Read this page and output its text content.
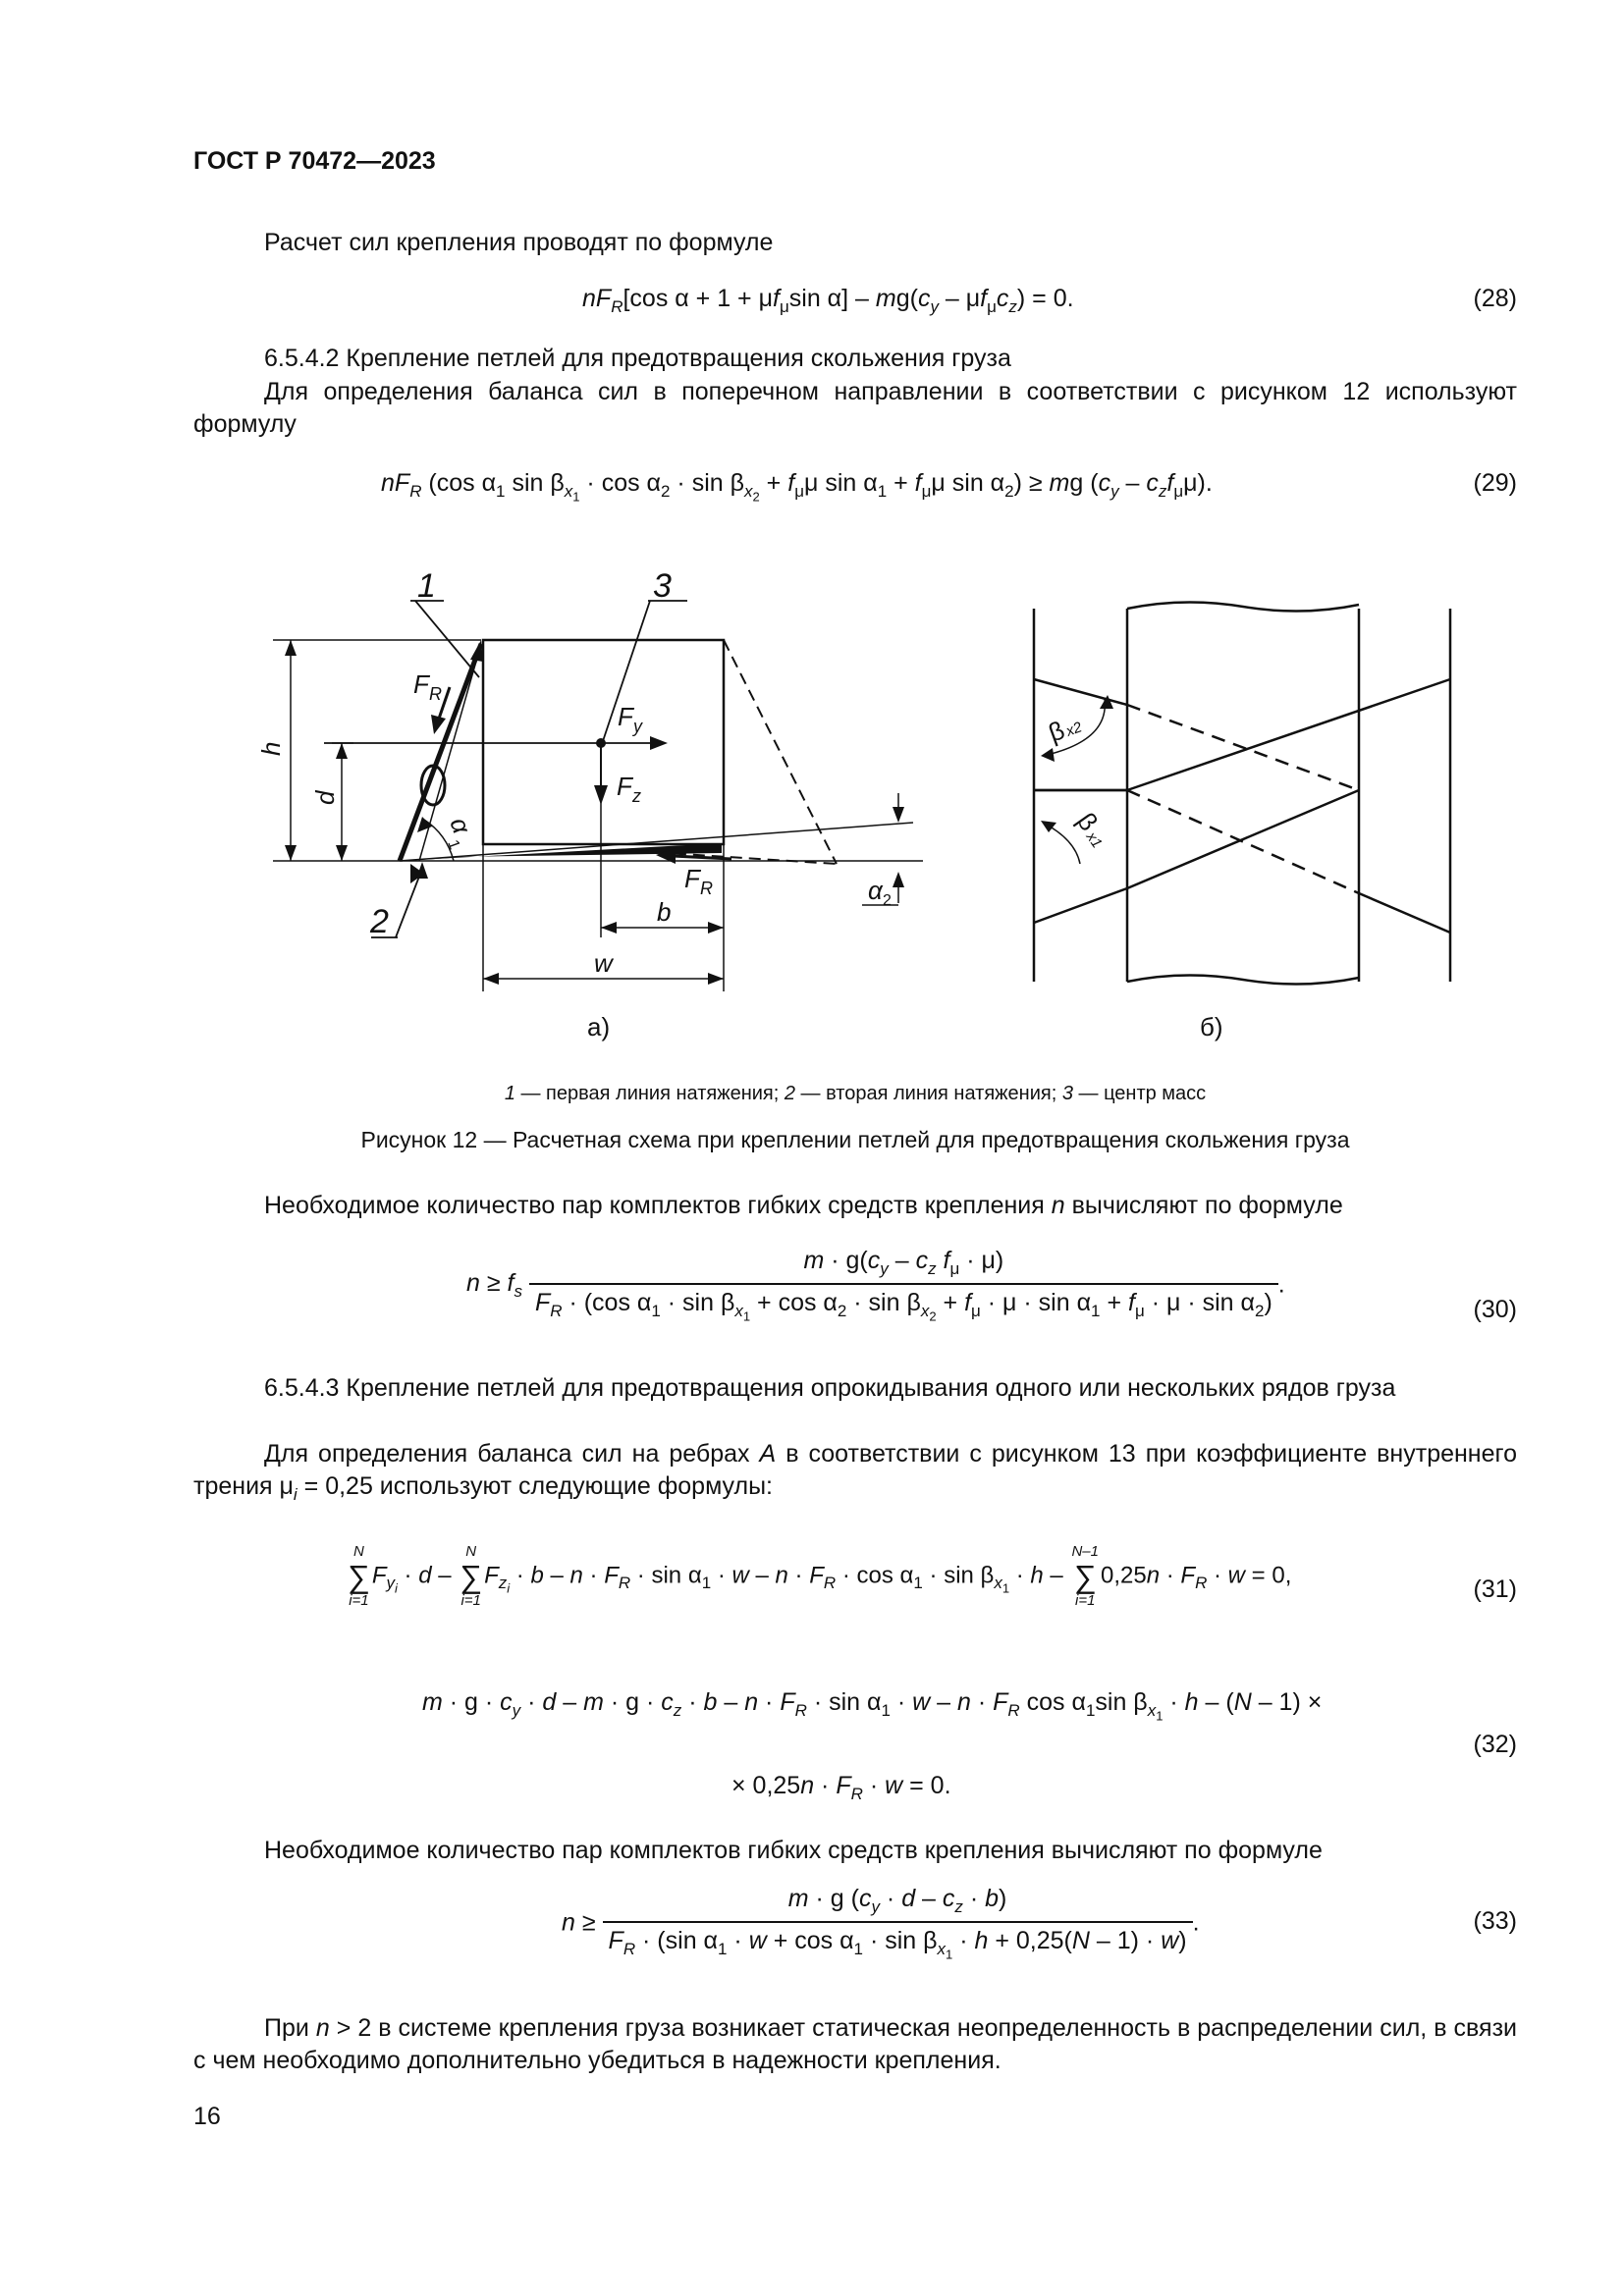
ГОСТ Р 70472—2023
Расчет сил крепления проводят по формуле
$nF_R[\cos$ $\alpha + 1 + \mu f_\mu\sin$ $\alpha] - mg(c_y - \mu f_\mu c_z) = 0$.	(28)
6.5.4.2 Крепление петлей для предотвращения скольжения груза
Для определения баланса сил в поперечном направлении в соответствии с рисунком 12 используют формулу
$nF_R$ (cos $\alpha_1$ $\sin \beta_{x_1} \cdot \cos \alpha_2 \cdot \sin \beta_{x_2} + f_\mu\mu$ $\sin \alpha_1 + f_\mu\mu$ $\sin \alpha_2$) ≥ mg $(c_y - c_zf_\mu\mu)$.	(29)
1	3
2
F R
F y
F z
F R
h
d
b
w
α
1
α 2
β
x2
β
x1
а)	б)
1 — первая линия натяжения; 2 — вторая линия натяжения; 3 — центр масс
Рисунок 12 — Расчетная схема при креплении петлей для предотвращения скольжения груза
Необходимое количество пар комплектов гибких средств крепления n вычисляют по формуле
$n \ge f_s$
$m \cdot g(c_y - c_z$ $f_\mu \cdot \mu$)
$F_R \cdot (\cos$ $\alpha_1 \cdot \sin \beta_{x_1} + \cos \alpha_2 \cdot \sin \beta_{x_2} + f_\mu \cdot \mu \cdot \sin \alpha_1 + f_\mu \cdot \mu \cdot \sin \alpha_2$)
.
(30)
6.5.4.3 Крепление петлей для предотвращения опрокидывания одного или нескольких рядов груза
Для определения баланса сил на ребрах A в соответствии с рисунком 13 при коэффициенте внутреннего трения $\mu_i = 0,25$ используют следующие формулы:
N
∑
i=1
$F_{y_i} \cdot d$ –
N
∑
i=1
$F_{z_i} \cdot b - n \cdot F_R \cdot \sin \alpha_1 \cdot w - n \cdot F_R \cdot \cos \alpha_1 \cdot \sin \beta_{x_1} \cdot h$ –
N–1
∑
i=1
$0,25n \cdot F_R \cdot w = 0$,
(31)
$m \cdot g \cdot c_y \cdot d - m \cdot g \cdot c_z \cdot b - n \cdot F_R \cdot \sin \alpha_1 \cdot w - n \cdot F_R$ $\cos \alpha_1\sin$ $\beta_{x_1} \cdot h - (N - 1)$ ×
× $0,25n \cdot F_R \cdot w = 0$.
(32)
Необходимое количество пар комплектов гибких средств крепления вычисляют по формуле
$n \ge \frac{m \cdot g (c_y \cdot d - c_z \cdot b)}{F_R \cdot (\sin \alpha_1 \cdot w + \cos \alpha_1 \cdot \sin \beta_{x_1} \cdot h + 0,25(N - 1) \cdot w)}$ .	(33)
При n > 2 в системе крепления груза возникает статическая неопределенность в распределении сил, в связи с чем необходимо дополнительно убедиться в надежности крепления.
16
